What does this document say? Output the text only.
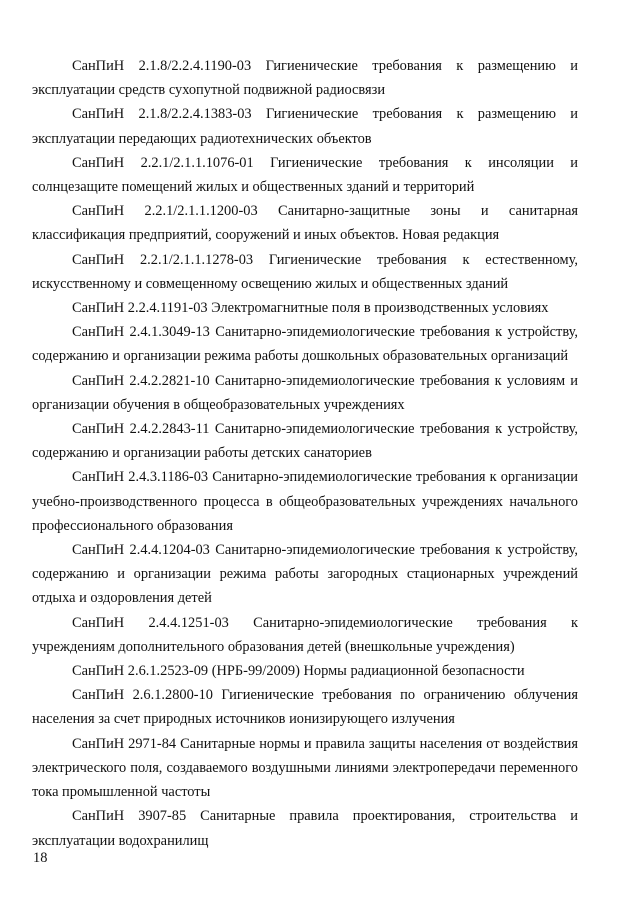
СанПиН 2.1.8/2.2.4.1190-03 Гигиенические требования к размещению и эксплуатации средств сухопутной подвижной радиосвязи

СанПиН 2.1.8/2.2.4.1383-03 Гигиенические требования к размещению и эксплуатации передающих радиотехнических объектов

СанПиН 2.2.1/2.1.1.1076-01 Гигиенические требования к инсоляции и солнцезащите помещений жилых и общественных зданий и территорий

СанПиН 2.2.1/2.1.1.1200-03 Санитарно-защитные зоны и санитарная классификация предприятий, сооружений и иных объектов. Новая редакция

СанПиН 2.2.1/2.1.1.1278-03 Гигиенические требования к естественному, искусственному и совмещенному освещению жилых и общественных зданий

СанПиН 2.2.4.1191-03 Электромагнитные поля в производственных условиях

СанПиН 2.4.1.3049-13 Санитарно-эпидемиологические требования к устройству, содержанию и организации режима работы дошкольных образовательных организаций

СанПиН 2.4.2.2821-10 Санитарно-эпидемиологические требования к условиям и организации обучения в общеобразовательных учреждениях

СанПиН 2.4.2.2843-11 Санитарно-эпидемиологические требования к устройству, содержанию и организации работы детских санаториев

СанПиН 2.4.3.1186-03 Санитарно-эпидемиологические требования к организации учебно-производственного процесса в общеобразовательных учреждениях начального профессионального образования

СанПиН 2.4.4.1204-03 Санитарно-эпидемиологические требования к устройству, содержанию и организации режима работы загородных стационарных учреждений отдыха и оздоровления детей

СанПиН 2.4.4.1251-03 Санитарно-эпидемиологические требования к учреждениям дополнительного образования детей (внешкольные учреждения)

СанПиН 2.6.1.2523-09 (НРБ-99/2009) Нормы радиационной безопасности

СанПиН 2.6.1.2800-10 Гигиенические требования по ограничению облучения населения за счет природных источников ионизирующего излучения

СанПиН 2971-84 Санитарные нормы и правила защиты населения от воздействия электрического поля, создаваемого воздушными линиями электропередачи переменного тока промышленной частоты

СанПиН 3907-85 Санитарные правила проектирования, строительства и эксплуатации водохранилищ

18
